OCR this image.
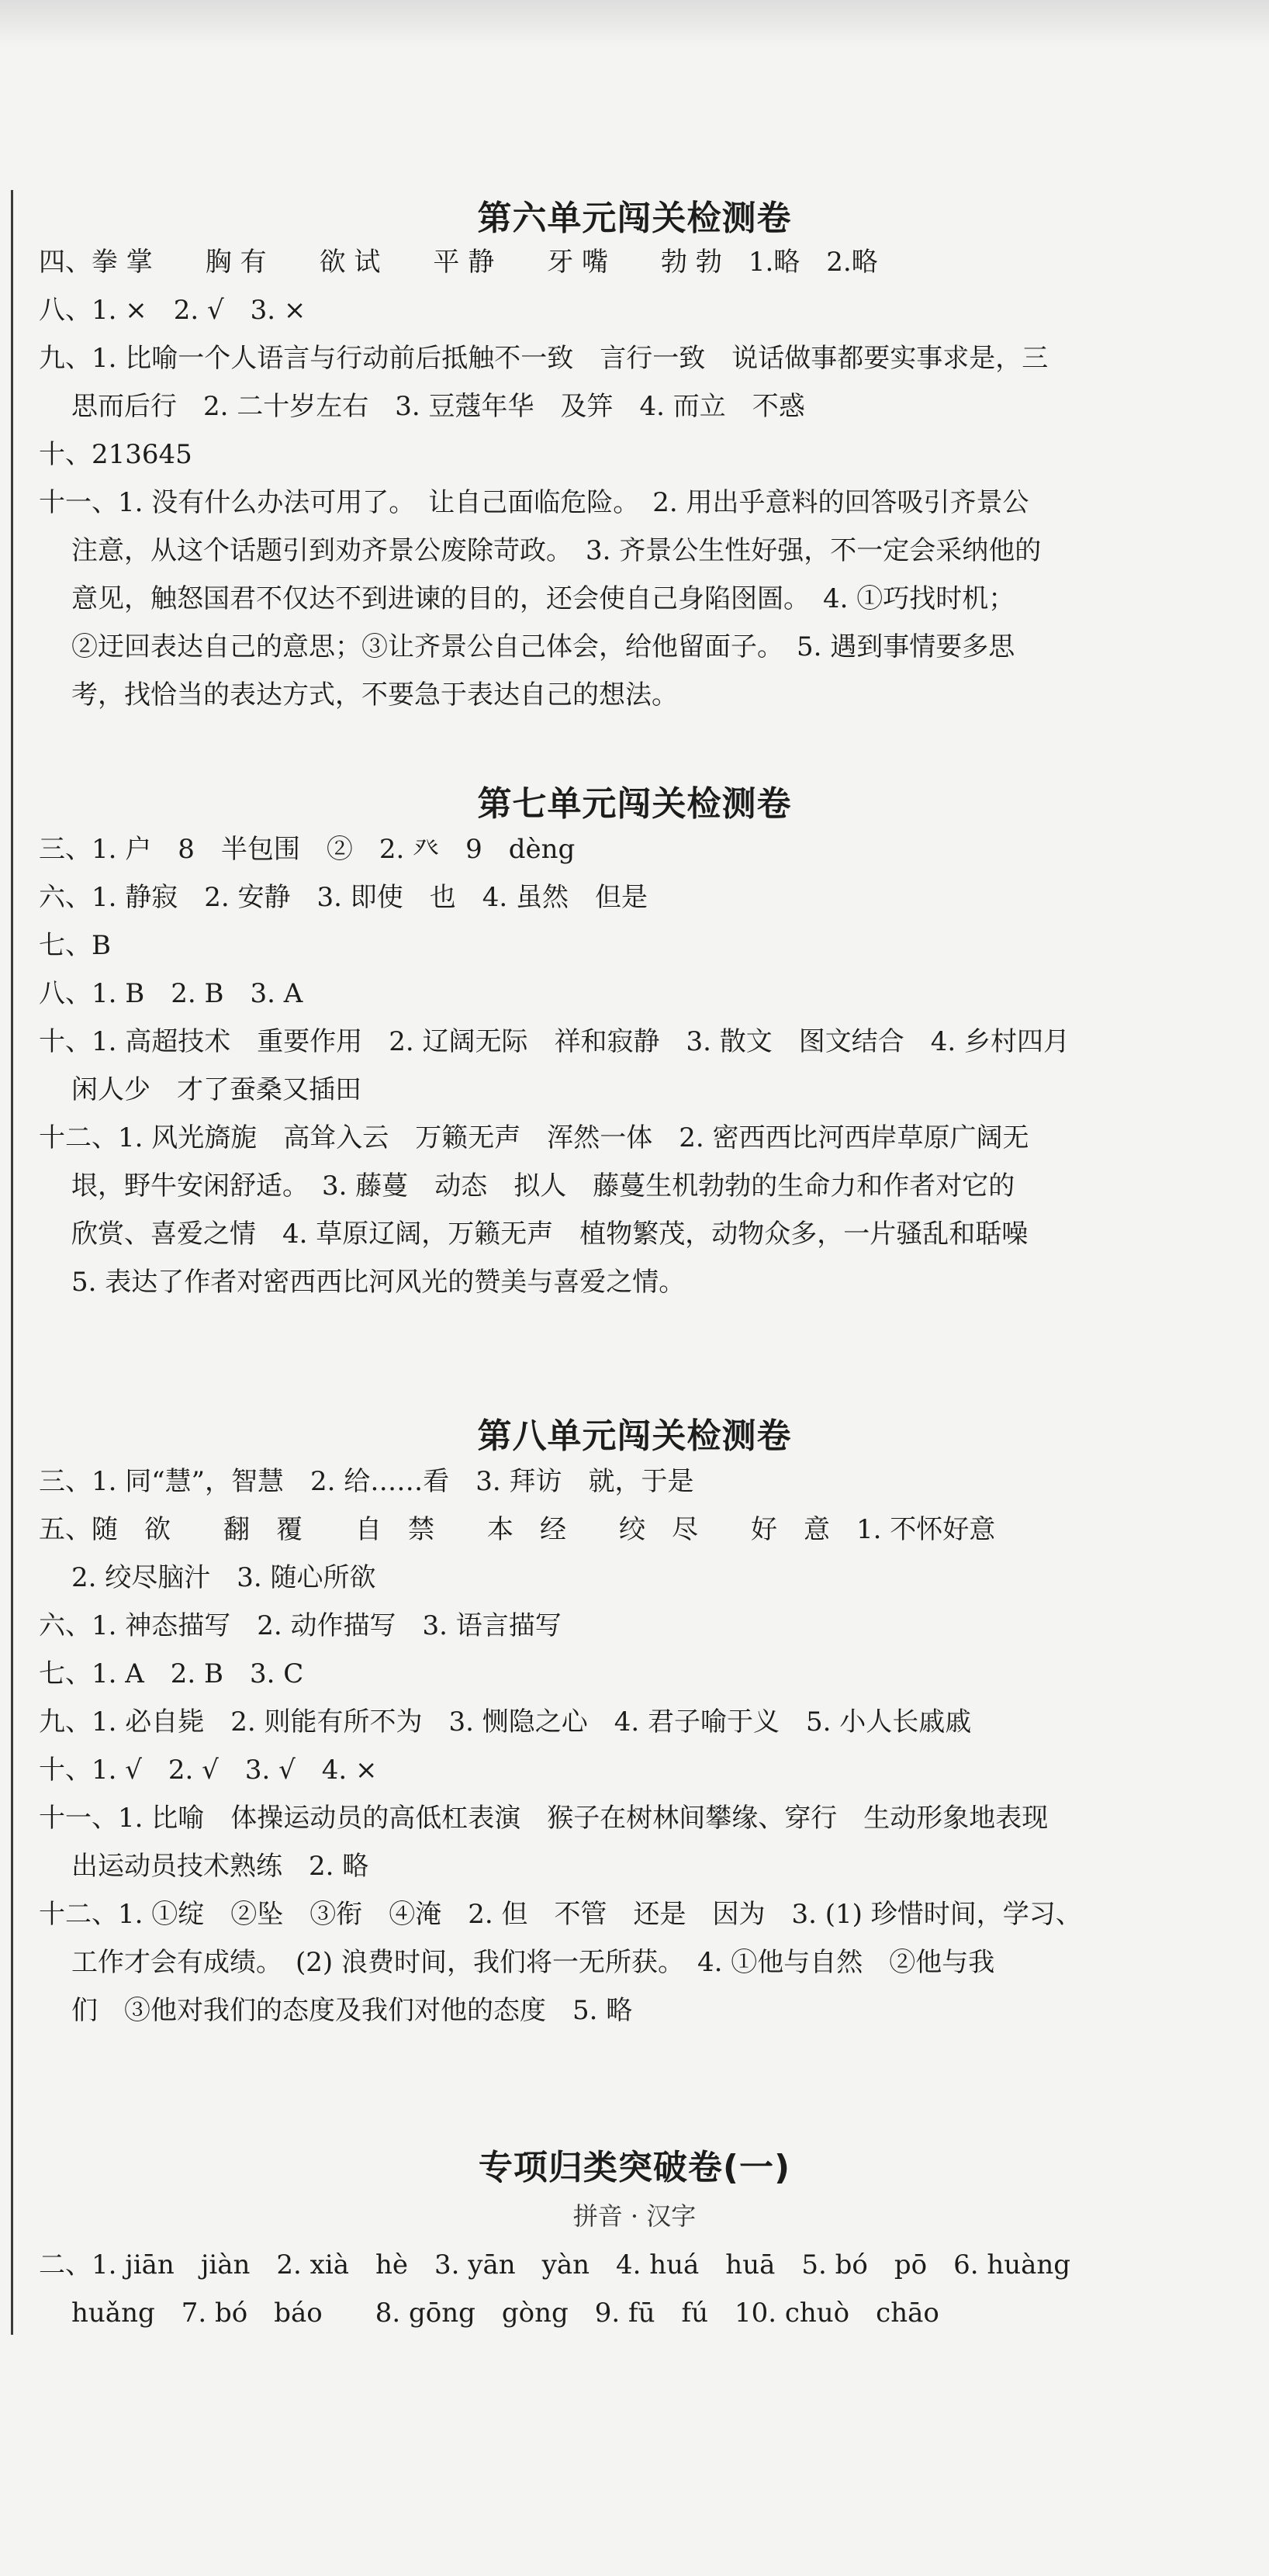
第六单元闯关检测卷
四、拳 掌　　胸 有　　欲 试　　平 静　　牙 嘴　　勃 勃　1.略　2.略
八、1. ×　2. √　3. ×
九、1. 比喻一个人语言与行动前后抵触不一致　言行一致　说话做事都要实事求是，三
思而后行　2. 二十岁左右　3. 豆蔻年华　及笄　4. 而立　不惑
十、213645
十一、1. 没有什么办法可用了。　让自己面临危险。　2. 用出乎意料的回答吸引齐景公
注意，从这个话题引到劝齐景公废除苛政。　3. 齐景公生性好强，不一定会采纳他的
意见，触怒国君不仅达不到进谏的目的，还会使自己身陷囹圄。　4. ①巧找时机；
②迂回表达自己的意思；③让齐景公自己体会，给他留面子。　5. 遇到事情要多思
考，找恰当的表达方式，不要急于表达自己的想法。
第七单元闯关检测卷
三、1. 户　8　半包围　②　2. 癶　9　dèng
六、1. 静寂　2. 安静　3. 即使　也　4. 虽然　但是
七、B
八、1. B　2. B　3. A
十、1. 高超技术　重要作用　2. 辽阔无际　祥和寂静　3. 散文　图文结合　4. 乡村四月
闲人少　才了蚕桑又插田
十二、1. 风光旖旎　高耸入云　万籁无声　浑然一体　2. 密西西比河西岸草原广阔无
垠，野牛安闲舒适。　3. 藤蔓　动态　拟人　藤蔓生机勃勃的生命力和作者对它的
欣赏、喜爱之情　4. 草原辽阔，万籁无声　植物繁茂，动物众多，一片骚乱和聒噪
5. 表达了作者对密西西比河风光的赞美与喜爱之情。
第八单元闯关检测卷
三、1. 同“慧”，智慧　2. 给……看　3. 拜访　就，于是
五、随　欲　　翻　覆　　自　禁　　本　经　　绞　尽　　好　意　1. 不怀好意
2. 绞尽脑汁　3. 随心所欲
六、1. 神态描写　2. 动作描写　3. 语言描写
七、1. A　2. B　3. C
九、1. 必自毙　2. 则能有所不为　3. 恻隐之心　4. 君子喻于义　5. 小人长戚戚
十、1. √　2. √　3. √　4. ×
十一、1. 比喻　体操运动员的高低杠表演　猴子在树林间攀缘、穿行　生动形象地表现
出运动员技术熟练　2. 略
十二、1. ①绽　②坠　③衔　④淹　2. 但　不管　还是　因为　3. (1) 珍惜时间，学习、
工作才会有成绩。　(2) 浪费时间，我们将一无所获。　4. ①他与自然　②他与我
们　③他对我们的态度及我们对他的态度　5. 略
专项归类突破卷(一)
拼音 · 汉字
二、1. jiān　jiàn　2. xià　hè　3. yān　yàn　4. huá　huā　5. bó　pō　6. huàng
huǎng　7. bó　báo　　8. gōng　gòng　9. fū　fú　10. chuò　chāo
